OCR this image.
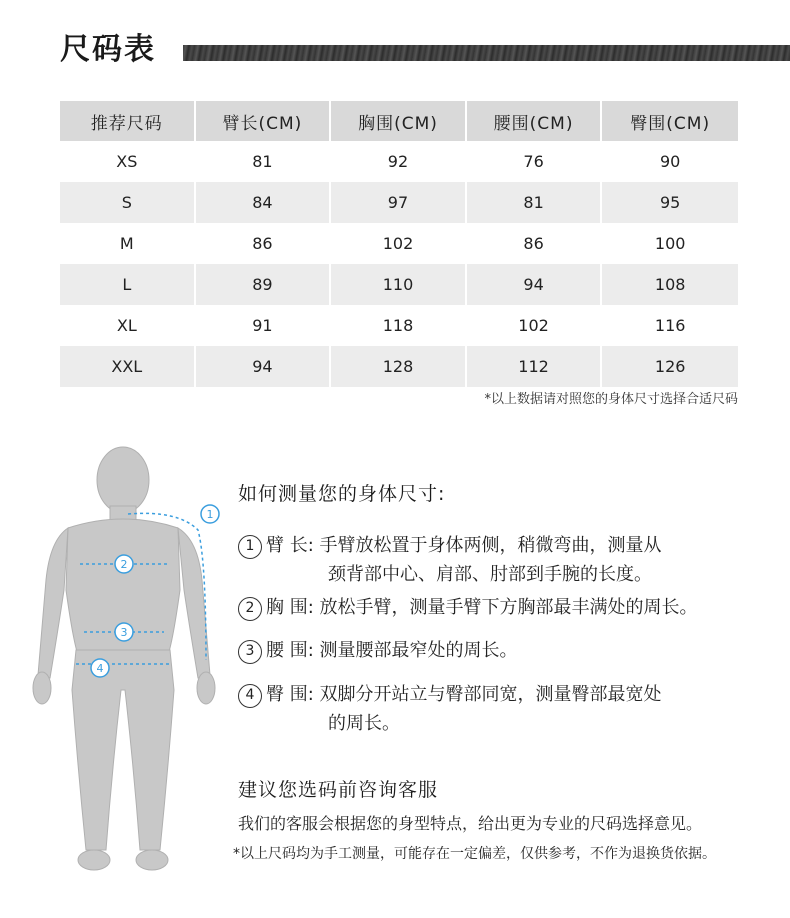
尺码表
推荐尺码	臂长(CM)	胸围(CM)	腰围(CM)	臀围(CM)
XS	81	92	76	90
S	84	97	81	95
M	86	102	86	100
L	89	110	94	108
XL	91	118	102	116
XXL	94	128	112	126
*以上数据请对照您的身体尺寸选择合适尺码
1
2
3
4
如何测量您的身体尺寸:
1 臂 长: 手臂放松置于身体两侧，稍微弯曲，测量从
颈背部中心、肩部、肘部到手腕的长度。
2 胸 围: 放松手臂，测量手臂下方胸部最丰满处的周长。
3 腰 围: 测量腰部最窄处的周长。
4 臀 围: 双脚分开站立与臀部同宽，测量臀部最宽处
的周长。
建议您选码前咨询客服
我们的客服会根据您的身型特点，给出更为专业的尺码选择意见。
*以上尺码均为手工测量，可能存在一定偏差，仅供参考，不作为退换货依据。
